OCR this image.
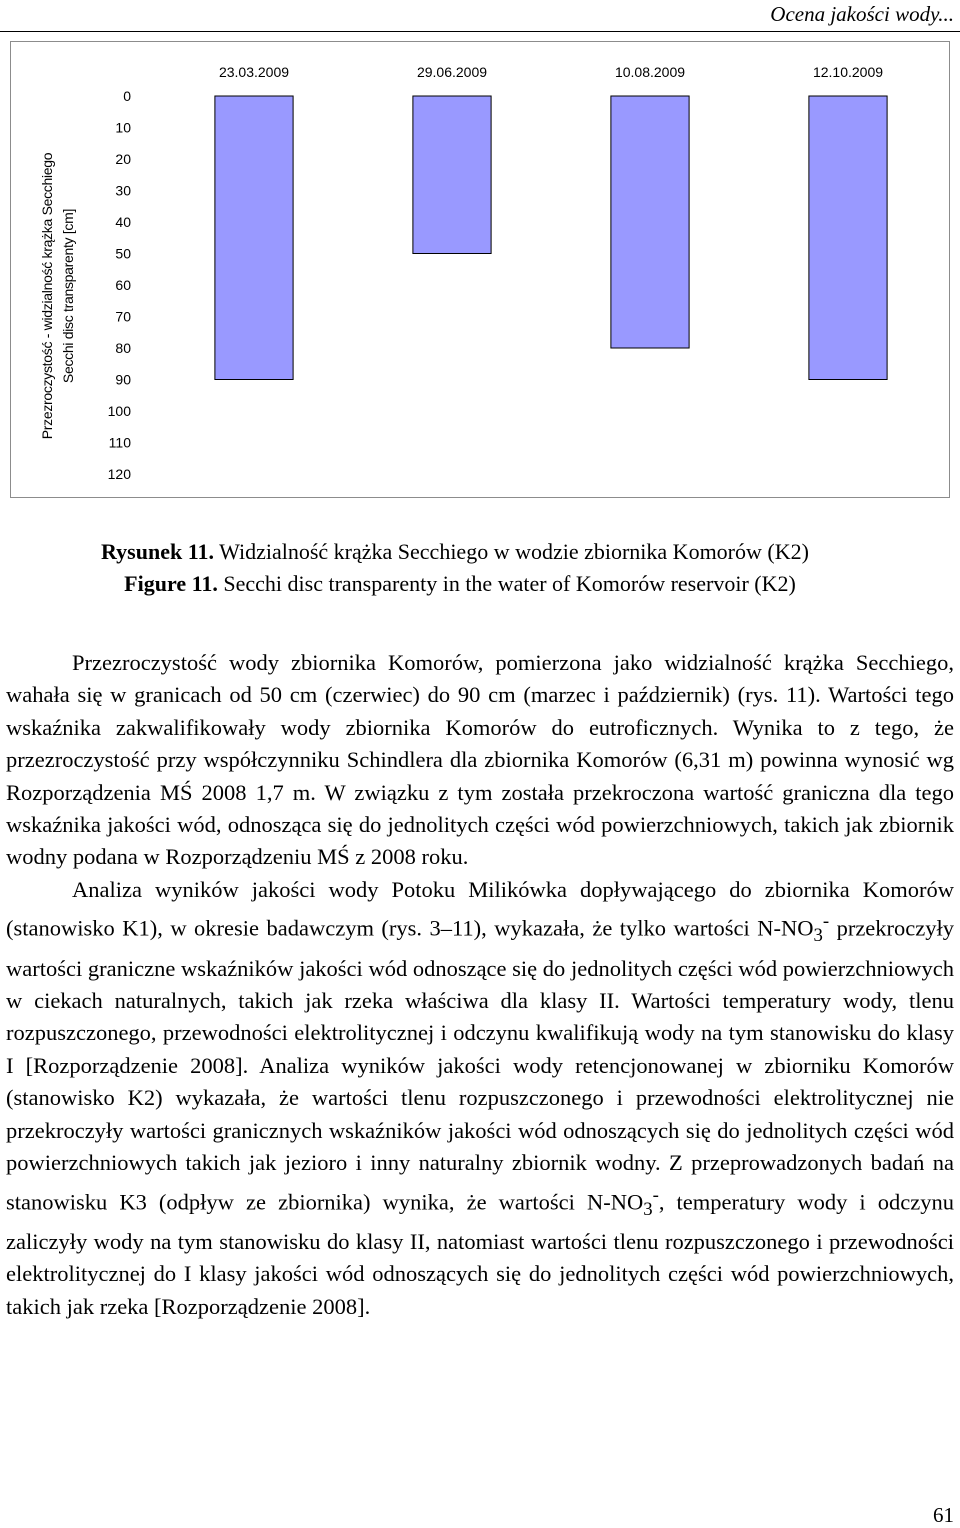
Ocena jakości wody...
Przezroczystość - widzialność krążka Secchiego Secchi disc transparenty [cm]
0
10
20
30
40
50
60
70
80
90
100
110
120
23.03.2009	29.06.2009	10.08.2009	12.10.2009
Rysunek 11. Widzialność krążka Secchiego w wodzie zbiornika Komorów (K2)
Figure 11. Secchi disc transparenty in the water of Komorów reservoir (K2)

Przezroczystość wody zbiornika Komorów, pomierzona jako widzialność krążka Secchiego, wahała się w granicach od 50 cm (czerwiec) do 90 cm (marzec i październik) (rys. 11). Wartości tego wskaźnika zakwalifikowały wody zbiornika Komorów do eutroficznych. Wynika to z tego, że przezroczystość przy współczynniku Schindlera dla zbiornika Komorów (6,31 m) powinna wynosić wg Rozporządzenia MŚ 2008 1,7 m. W związku z tym została przekroczona wartość graniczna dla tego wskaźnika jakości wód, odnosząca się do jednolitych części wód powierzchniowych, takich jak zbiornik wodny podana w Rozporządzeniu MŚ z 2008 roku.

Analiza wyników jakości wody Potoku Milikówka dopływającego do zbiornika Komorów (stanowisko K1), w okresie badawczym (rys. 3–11), wykazała, że tylko wartości $N-NO_3^-$ przekroczyły wartości graniczne wskaźników jakości wód odnoszące się do jednolitych części wód powierzchniowych w ciekach naturalnych, takich jak rzeka właściwa dla klasy II. Wartości temperatury wody, tlenu rozpuszczonego, przewodności elektrolitycznej i odczynu kwalifikują wody na tym stanowisku do klasy I [Rozporządzenie 2008]. Analiza wyników jakości wody retencjonowanej w zbiorniku Komorów (stanowisko K2) wykazała, że wartości tlenu rozpuszczonego i przewodności elektrolitycznej nie przekroczyły wartości granicznych wskaźników jakości wód odnoszących się do jednolitych części wód powierzchniowych takich jak jezioro i inny naturalny zbiornik wodny. Z przeprowadzonych badań na stanowisku K3 (odpływ ze zbiornika) wynika, że wartości $N-NO_3^-$, temperatury wody i odczynu zaliczyły wody na tym stanowisku do klasy II, natomiast wartości tlenu rozpuszczonego i przewodności elektrolitycznej do I klasy jakości wód odnoszących się do jednolitych części wód powierzchniowych, takich jak rzeka [Rozporządzenie 2008].

61
